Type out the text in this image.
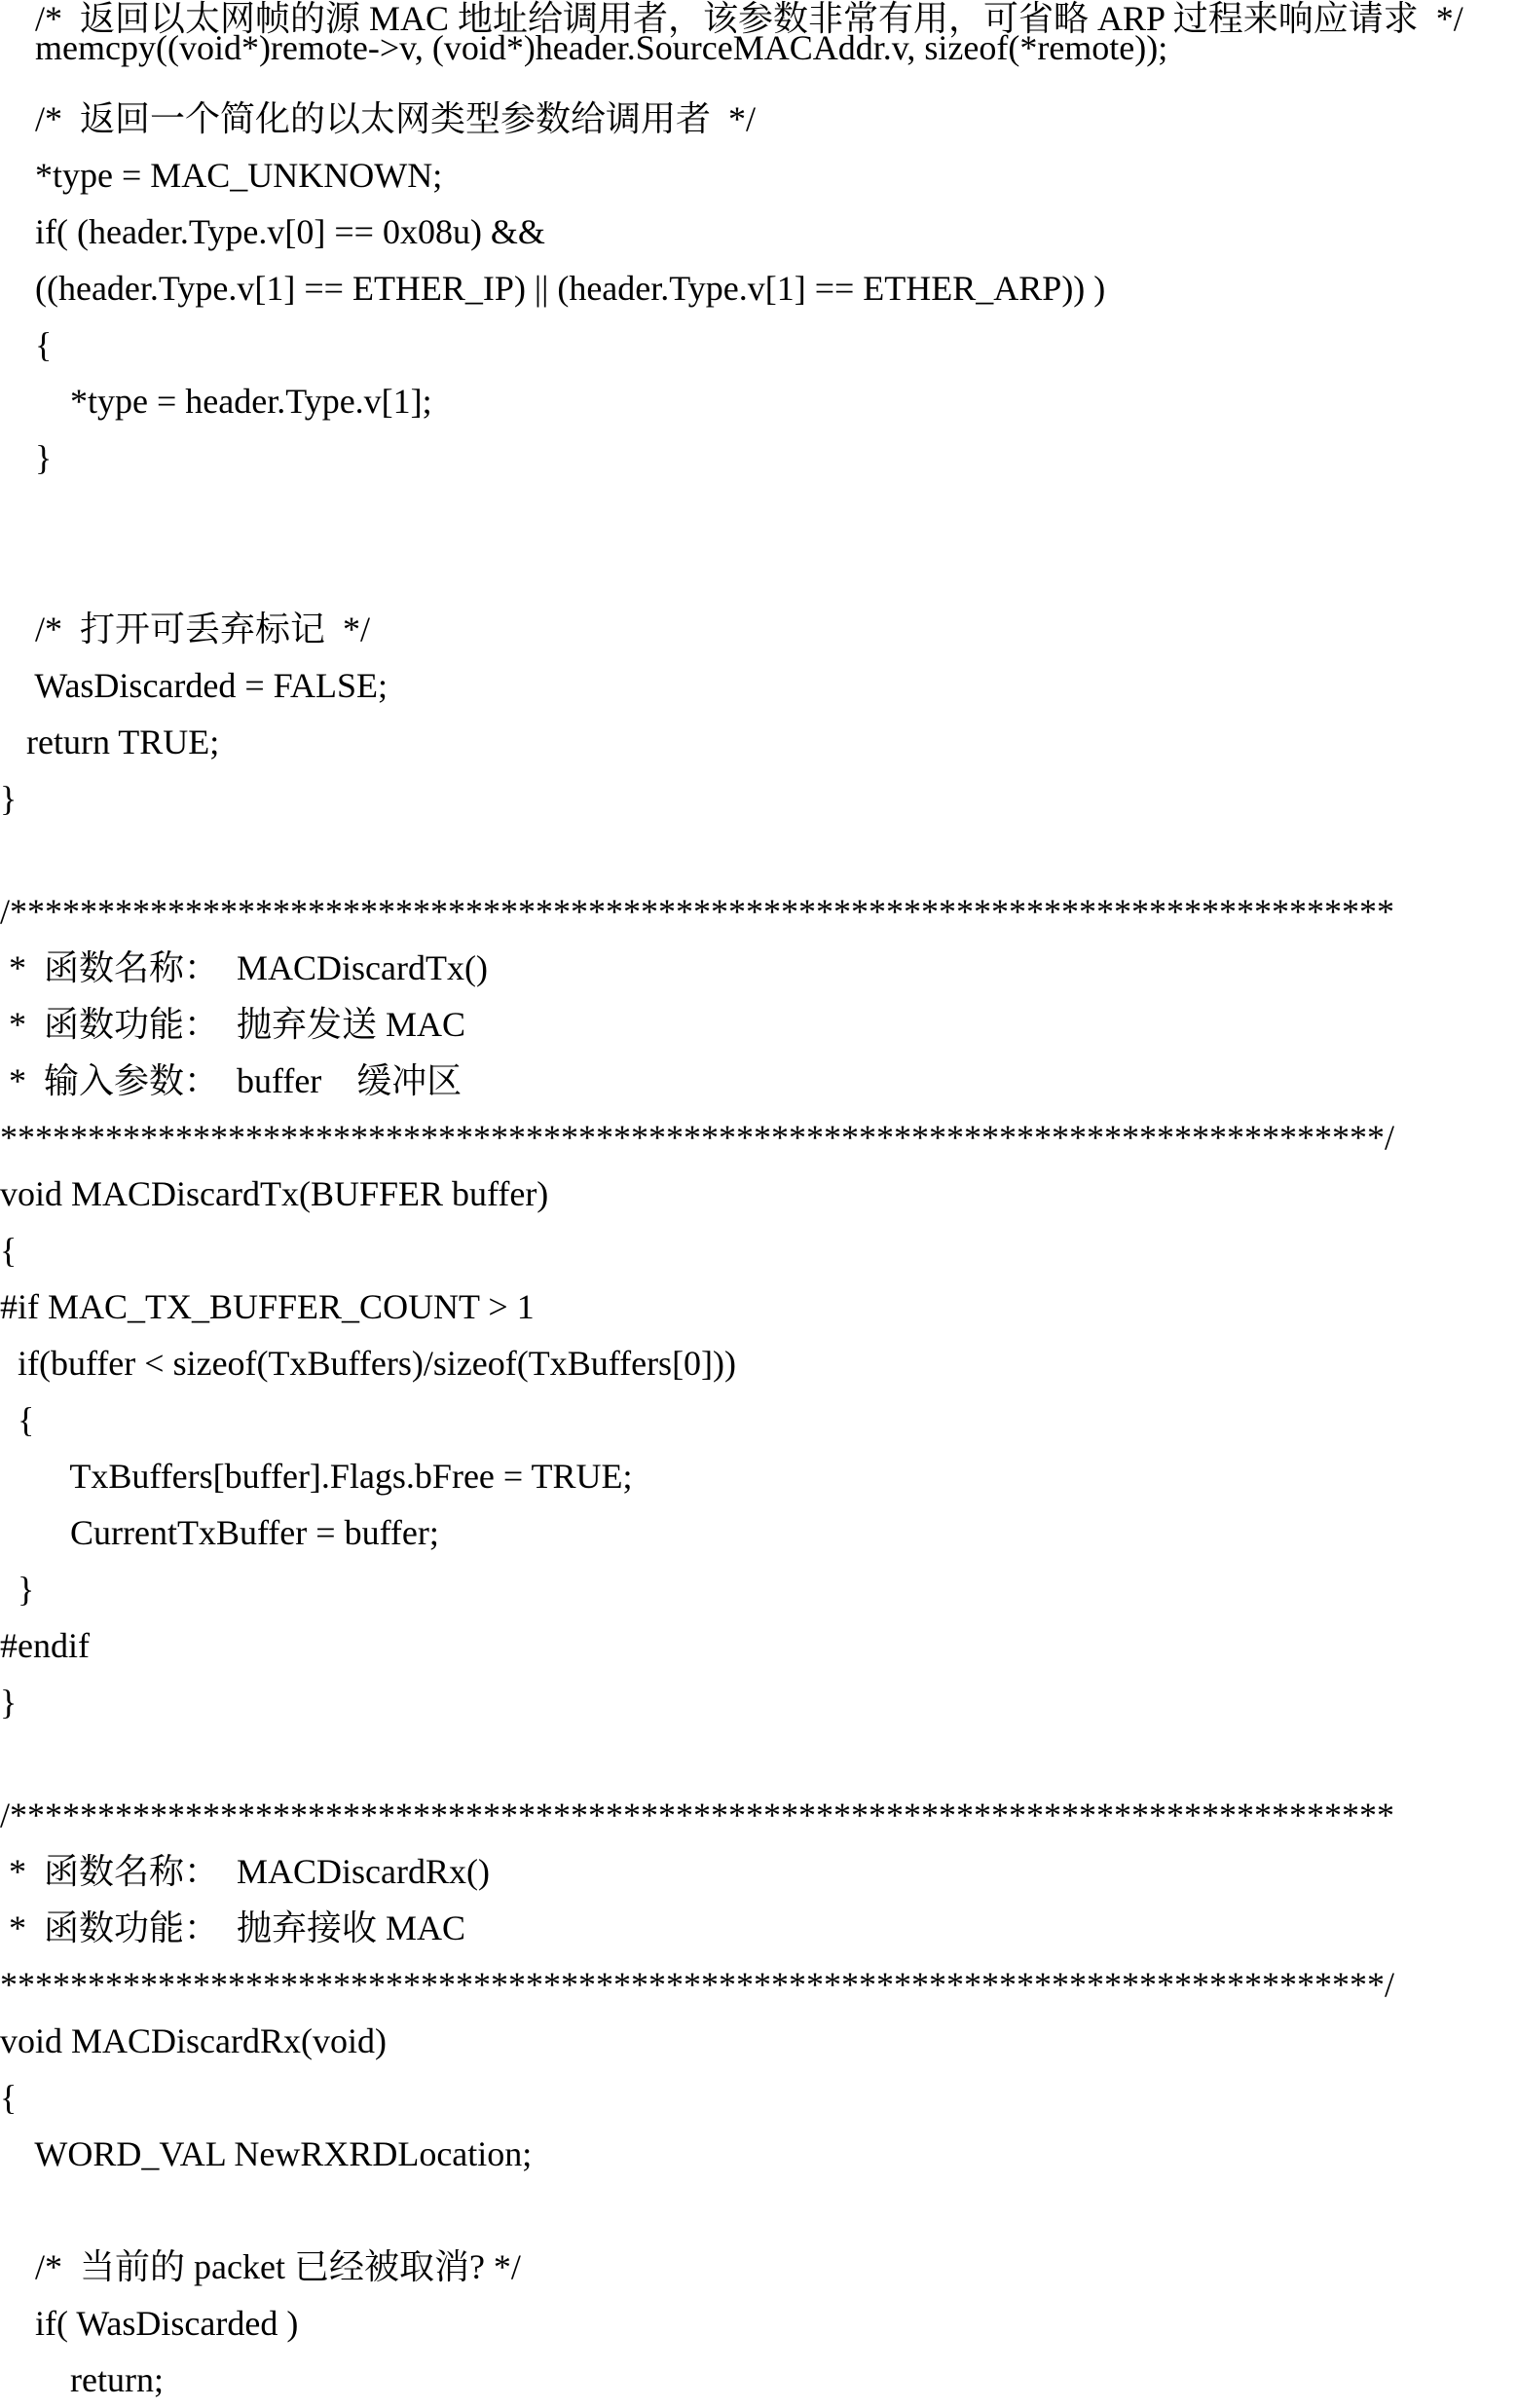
/*  返回以太网帧的源 MAC 地址给调用者，该参数非常有用，可省略 ARP 过程来响应请求  */
memcpy((void*)remote->v, (void*)header.SourceMACAddr.v, sizeof(*remote));
/*  返回一个简化的以太网类型参数给调用者  */
*type = MAC_UNKNOWN;
if( (header.Type.v[0] == 0x08u) &&
((header.Type.v[1] == ETHER_IP) || (header.Type.v[1] == ETHER_ARP)) )
{
*type = header.Type.v[1];
}
/*  打开可丢弃标记  */
WasDiscarded = FALSE;
return TRUE;
}
/*******************************************************************************
*  函数名称：  MACDiscardTx()
*  函数功能：  抛弃发送 MAC
*  输入参数：  buffer    缓冲区
*******************************************************************************/
void MACDiscardTx(BUFFER buffer)
{
#if MAC_TX_BUFFER_COUNT > 1
if(buffer < sizeof(TxBuffers)/sizeof(TxBuffers[0]))
{
TxBuffers[buffer].Flags.bFree = TRUE;
CurrentTxBuffer = buffer;
}
#endif
}
/*******************************************************************************
*  函数名称：  MACDiscardRx()
*  函数功能：  抛弃接收 MAC
*******************************************************************************/
void MACDiscardRx(void)
{
WORD_VAL NewRXRDLocation;
/*  当前的 packet 已经被取消? */
if( WasDiscarded )
return;
